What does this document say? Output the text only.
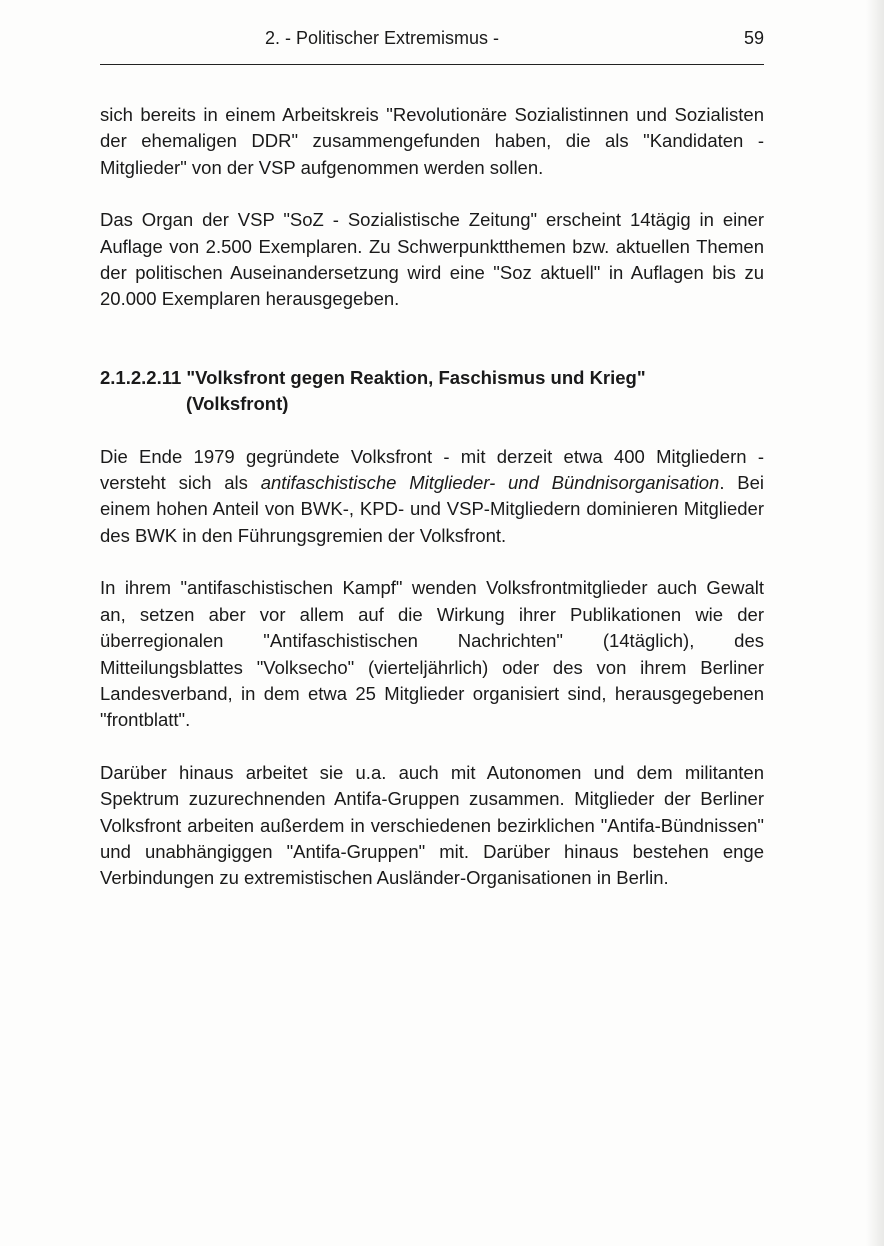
2. - Politischer Extremismus -	59

sich bereits in einem Arbeitskreis "Revolutionäre Sozialistinnen und Sozialisten der ehemaligen DDR" zusammengefunden haben, die als "Kandidaten - Mitglieder" von der VSP aufgenommen werden sollen.

Das Organ der VSP "SoZ - Sozialistische Zeitung" erscheint 14tägig in einer Auflage von 2.500 Exemplaren. Zu Schwerpunktthemen bzw. aktuellen Themen der politischen Auseinandersetzung wird eine "Soz aktuell" in Auflagen bis zu 20.000 Exemplaren herausgegeben.

2.1.2.2.11 "Volksfront gegen Reaktion, Faschismus und Krieg"
(Volksfront)

Die Ende 1979 gegründete Volksfront - mit derzeit etwa 400 Mitgliedern - versteht sich als antifaschistische Mitglieder- und Bündnisorganisation. Bei einem hohen Anteil von BWK-, KPD- und VSP-Mitgliedern dominieren Mitglieder des BWK in den Führungsgremien der Volksfront.

In ihrem "antifaschistischen Kampf" wenden Volksfrontmitglieder auch Gewalt an, setzen aber vor allem auf die Wirkung ihrer Publikationen wie der überregionalen "Antifaschistischen Nachrichten" (14täglich), des Mitteilungsblattes "Volksecho" (vierteljährlich) oder des von ihrem Berliner Landesverband, in dem etwa 25 Mitglieder organisiert sind, herausgegebenen "frontblatt".

Darüber hinaus arbeitet sie u.a. auch mit Autonomen und dem militanten Spektrum zuzurechnenden Antifa-Gruppen zusammen. Mitglieder der Berliner Volksfront arbeiten außerdem in verschiedenen bezirklichen "Antifa-Bündnissen" und unabhängiggen "Antifa-Gruppen" mit. Darüber hinaus bestehen enge Verbindungen zu extremistischen Ausländer-Organisationen in Berlin.
